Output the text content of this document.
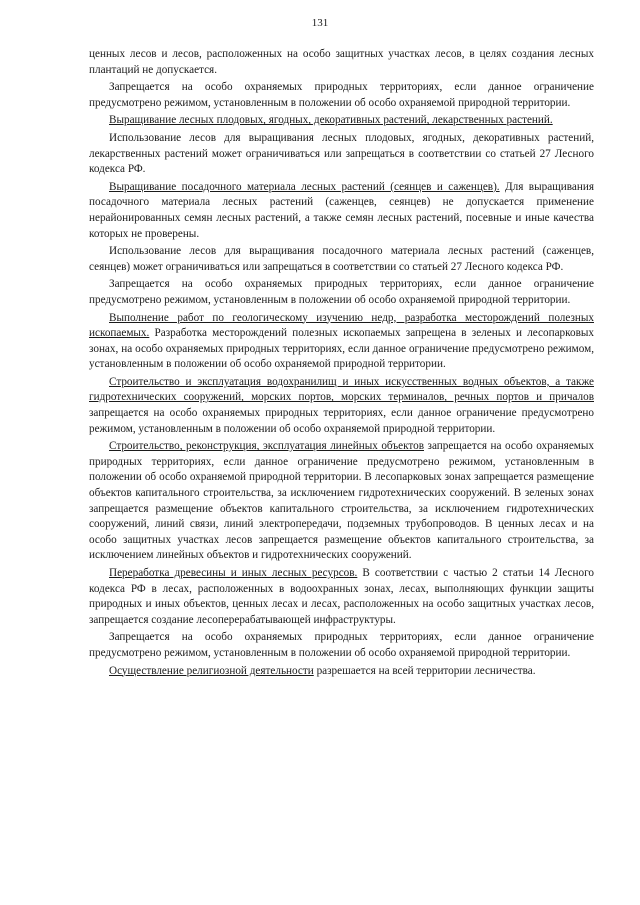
131

ценных лесов и лесов, расположенных на особо защитных участках лесов, в целях создания лесных плантаций не допускается.

Запрещается на особо охраняемых природных территориях, если данное ограничение предусмотрено режимом, установленным в положении об особо охраняемой природной территории.

Выращивание лесных плодовых, ягодных, декоративных растений, лекарственных растений.

Использование лесов для выращивания лесных плодовых, ягодных, декоративных растений, лекарственных растений может ограничиваться или запрещаться в соответствии со статьей 27 Лесного кодекса РФ.

Выращивание посадочного материала лесных растений (сеянцев и саженцев). Для выращивания посадочного материала лесных растений (саженцев, сеянцев) не допускается применение нерайонированных семян лесных растений, а также семян лесных растений, посевные и иные качества которых не проверены.

Использование лесов для выращивания посадочного материала лесных растений (саженцев, сеянцев) может ограничиваться или запрещаться в соответствии со статьей 27 Лесного кодекса РФ.

Запрещается на особо охраняемых природных территориях, если данное ограничение предусмотрено режимом, установленным в положении об особо охраняемой природной территории.

Выполнение работ по геологическому изучению недр, разработка месторождений полезных ископаемых. Разработка месторождений полезных ископаемых запрещена в зеленых и лесопарковых зонах, на особо охраняемых природных территориях, если данное ограничение предусмотрено режимом, установленным в положении об особо охраняемой природной территории.

Строительство и эксплуатация водохранилищ и иных искусственных водных объектов, а также гидротехнических сооружений, морских портов, морских терминалов, речных портов и причалов запрещается на особо охраняемых природных территориях, если данное ограничение предусмотрено режимом, установленным в положении об особо охраняемой природной территории.

Строительство, реконструкция, эксплуатация линейных объектов запрещается на особо охраняемых природных территориях, если данное ограничение предусмотрено режимом, установленным в положении об особо охраняемой природной территории. В лесопарковых зонах запрещается размещение объектов капитального строительства, за исключением гидротехнических сооружений. В зеленых зонах запрещается размещение объектов капитального строительства, за исключением гидротехнических сооружений, линий связи, линий электропередачи, подземных трубопроводов. В ценных лесах и на особо защитных участках лесов запрещается размещение объектов капитального строительства, за исключением линейных объектов и гидротехнических сооружений.

Переработка древесины и иных лесных ресурсов. В соответствии с частью 2 статьи 14 Лесного кодекса РФ в лесах, расположенных в водоохранных зонах, лесах, выполняющих функции защиты природных и иных объектов, ценных лесах и лесах, расположенных на особо защитных участках лесов, запрещается создание лесоперерабатывающей инфраструктуры.

Запрещается на особо охраняемых природных территориях, если данное ограничение предусмотрено режимом, установленным в положении об особо охраняемой природной территории.

Осуществление религиозной деятельности разрешается на всей территории лесничества.
